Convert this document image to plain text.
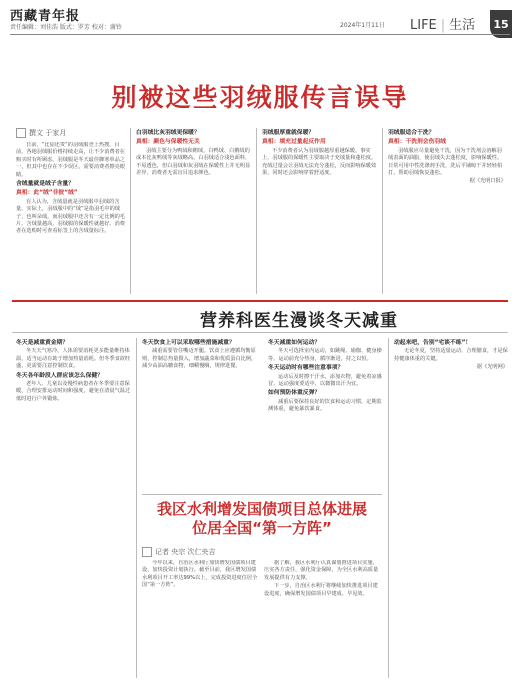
西藏青年报
责任编辑：刘佳浩 版式：罗芳 校对：谢铃	2024年1月11日 LIFE | 生活	15
别被这些羽绒服传言误导
撰文 于家月

日前，“比貂还贵”的羽绒服登上热搜。目前，各地羽绒服价格持续走高，让不少消费者在购买时有所顾虑。羽绒服是冬天最佳御寒单品之一，但其中也存在不少误区，需要消费者擦亮眼睛。

含绒量就是绒子含量？
真相：此“绒”非彼“绒”

有人认为，含绒量就是羽绒服中羽绒的含量。实际上，羽绒服中的“绒”是指羽毛中的绒子，也叫朵绒，而羽绒服中还含有一定比例的毛片。含绒量越高，羽绒服的保暖性就越好。消费者在选购时可查看标签上的含绒量标注。

白羽绒比灰羽绒更保暖？
真相：颜色与保暖性无关

羽绒主要分为鸭绒和鹅绒，白鸭绒、白鹅绒的成本比灰鸭绒等灰绒略高。白羽绒适合浅色面料，不易透色，但白羽绒和灰羽绒在保暖性上并无明显差异，消费者无需盲目追求颜色。

羽绒服厚重就保暖？
真相：填充过量起反作用

不少消费者认为羽绒服越厚重越保暖。事实上，羽绒服的保暖性主要取决于充绒量和蓬松度。充绒过量会让羽绒无法充分蓬松，反而影响保暖效果，同时还会影响穿着舒适度。

羽绒服适合干洗？
真相：干洗剂会伤羽绒

羽绒服应尽量避免干洗，因为干洗剂会溶解羽绒表面的油脂，使羽绒失去蓬松度，影响保暖性。日常可用中性洗涤剂手洗，洗后平铺晾干并轻轻拍打，帮助羽绒恢复蓬松。

据《光明日报》

营养科医生漫谈冬天减重
冬天是减重黄金期？

冬天天气寒冷，人体需要消耗更多能量维持体温，适当运动有助于增加热量消耗。但冬季食欲旺盛，更需要注意控制饮食。

冬天各年龄段人群应该怎么保健？

老年人、儿童以及慢性病患者在冬季要注意保暖，合理安排运动时间和强度，避免在清晨气温过低时进行户外锻炼。

冬天饮食上可以采取哪些措施减重？

减重需要管住嘴迈开腿。饮食上应遵循均衡原则，控制总热量摄入，增加蔬菜和优质蛋白比例，减少高油高糖食物，细嚼慢咽，规律进餐。

冬天减重如何运动？

冬天可选择室内运动，如跳绳、瑜伽、健身操等。运动前充分热身，循序渐进，持之以恒。

冬天运动时有哪些注意事项？

运动后及时擦干汗水，添加衣物，避免着凉感冒。运动强度要适中，以微微出汗为宜。

如何预防体重反弹？

减重后要保持良好的饮食和运动习惯，定期监测体重，避免暴饮暴食。

动起来吧，告别“宅谈不练”！

无论冬夏，坚持适量运动、合理膳食，才是保持健康体重的关键。

据《光明网》

我区水利增发国债项目总体进展
位居全国“第一方阵”
记者 央宗 次仁央吉

今年以来，自治区水利厅加快增发国债项目建设，加快投资计划执行。截至目前，我区增发国债水利项目开工率达99%以上，完成投资进度位居全国“第一方阵”。

据了解，我区水利厅认真谋划推进项目实施，压实各方责任，强化资金保障，为全区水利高质量发展提供有力支撑。

下一步，自治区水利厅将继续加快推进项目建设进度，确保增发国债项目早建成、早见效。
